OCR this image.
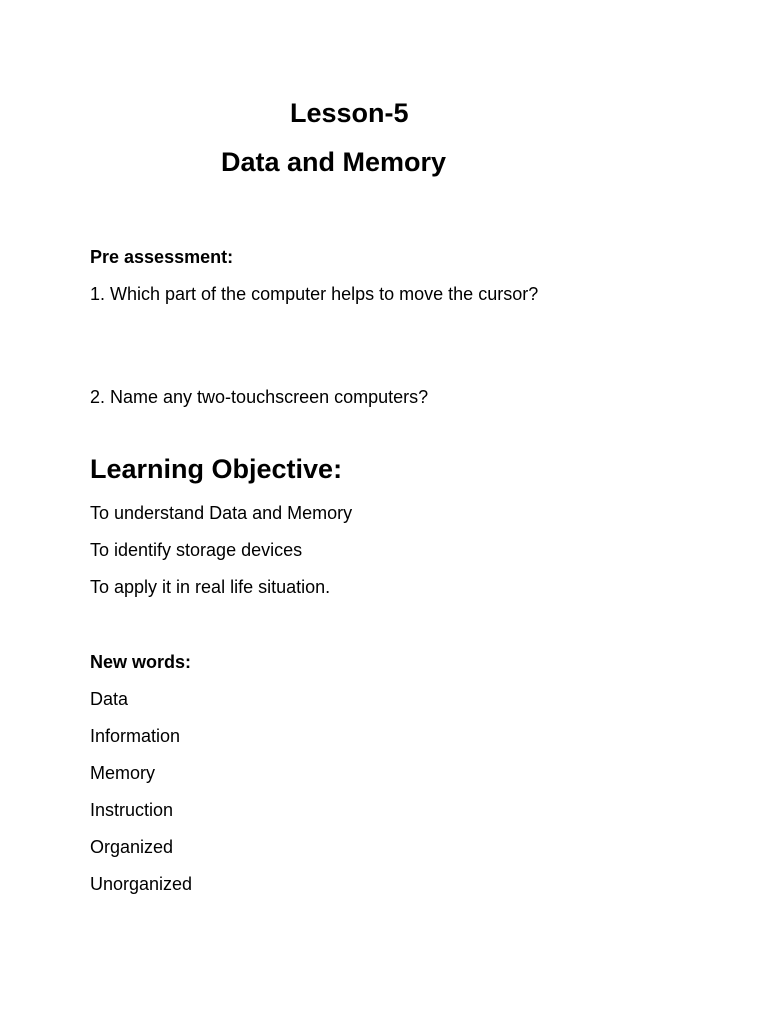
Lesson-5
Data and Memory
Pre assessment:
1. Which part of the computer helps to move the cursor?
2. Name any two-touchscreen computers?
Learning Objective:
To understand Data and Memory
To identify storage devices
To apply it in real life situation.
New words:
Data
Information
Memory
Instruction
Organized
Unorganized
